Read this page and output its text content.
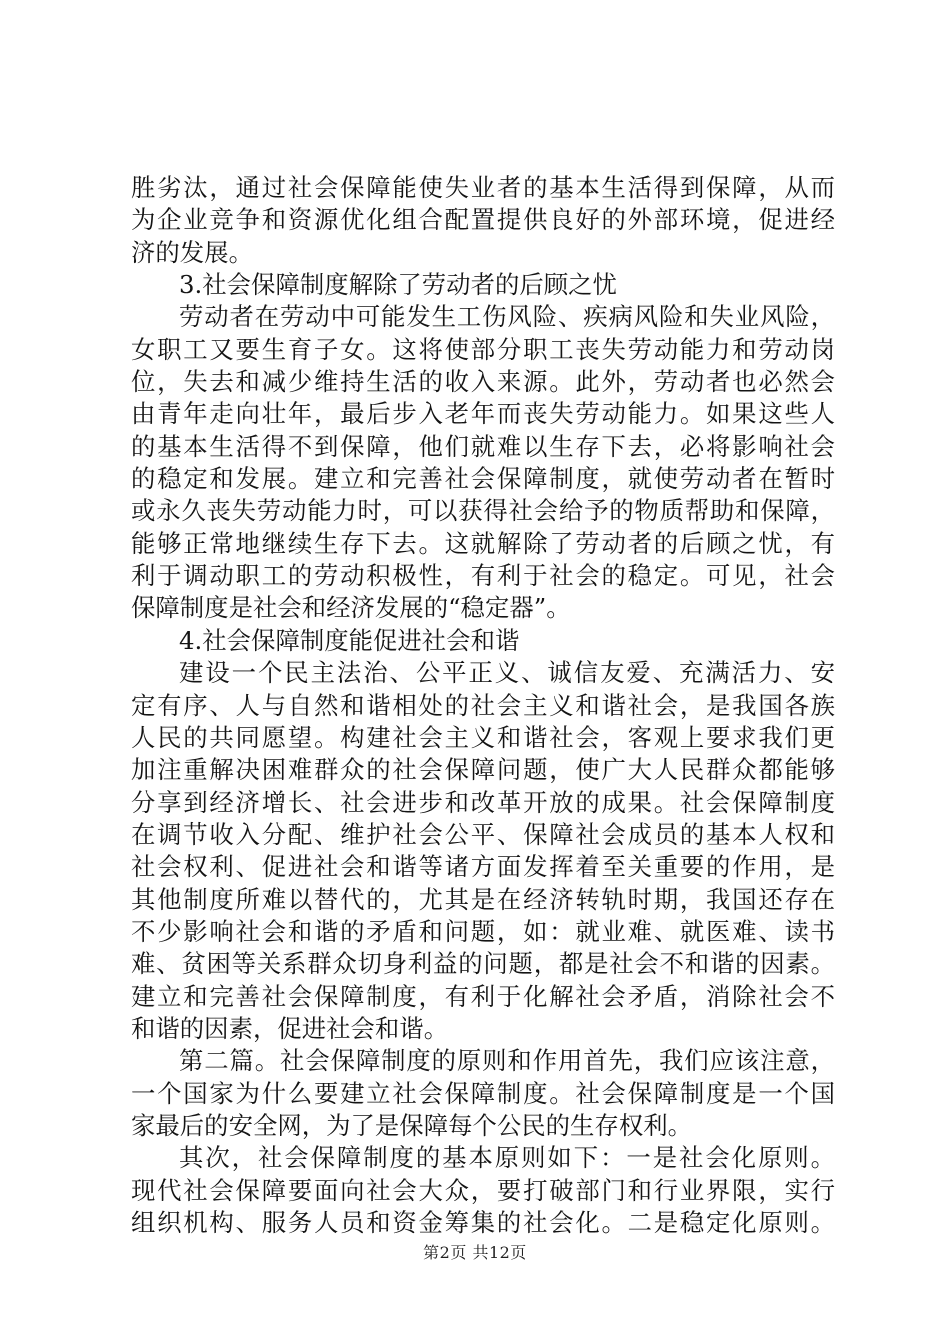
胜劣汰，通过社会保障能使失业者的基本生活得到保障，从而
为企业竞争和资源优化组合配置提供良好的外部环境，促进经
济的发展。
3.社会保障制度解除了劳动者的后顾之忧
劳动者在劳动中可能发生工伤风险、疾病风险和失业风险，
女职工又要生育子女。这将使部分职工丧失劳动能力和劳动岗
位，失去和减少维持生活的收入来源。此外，劳动者也必然会
由青年走向壮年，最后步入老年而丧失劳动能力。如果这些人
的基本生活得不到保障，他们就难以生存下去，必将影响社会
的稳定和发展。建立和完善社会保障制度，就使劳动者在暂时
或永久丧失劳动能力时，可以获得社会给予的物质帮助和保障，
能够正常地继续生存下去。这就解除了劳动者的后顾之忧，有
利于调动职工的劳动积极性，有利于社会的稳定。可见，社会
保障制度是社会和经济发展的“稳定器”。
4.社会保障制度能促进社会和谐
建设一个民主法治、公平正义、诚信友爱、充满活力、安
定有序、人与自然和谐相处的社会主义和谐社会，是我国各族
人民的共同愿望。构建社会主义和谐社会，客观上要求我们更
加注重解决困难群众的社会保障问题，使广大人民群众都能够
分享到经济增长、社会进步和改革开放的成果。社会保障制度
在调节收入分配、维护社会公平、保障社会成员的基本人权和
社会权利、促进社会和谐等诸方面发挥着至关重要的作用，是
其他制度所难以替代的，尤其是在经济转轨时期，我国还存在
不少影响社会和谐的矛盾和问题，如：就业难、就医难、读书
难、贫困等关系群众切身利益的问题，都是社会不和谐的因素。
建立和完善社会保障制度，有利于化解社会矛盾，消除社会不
和谐的因素，促进社会和谐。
第二篇。社会保障制度的原则和作用首先，我们应该注意，
一个国家为什么要建立社会保障制度。社会保障制度是一个国
家最后的安全网，为了是保障每个公民的生存权利。
其次，社会保障制度的基本原则如下：一是社会化原则。
现代社会保障要面向社会大众，要打破部门和行业界限，实行
组织机构、服务人员和资金筹集的社会化。二是稳定化原则。
第2页 共12页
